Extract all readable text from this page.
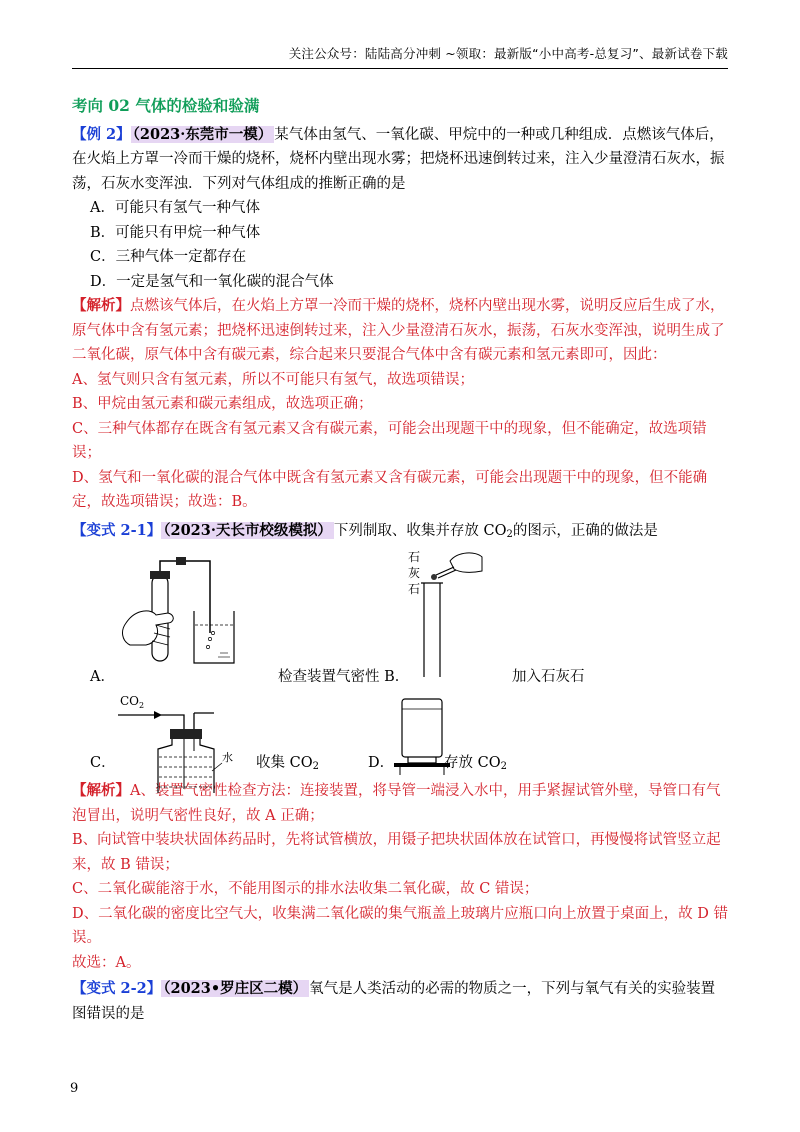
关注公众号：陆陆高分冲刺 ~领取：最新版“小中高考-总复习”、最新试卷下载
考向 02 气体的检验和验满

【例 2】 （2023·东莞市一模） 某气体由氢气、一氧化碳、甲烷中的一种或几种组成．点燃该气体后，在火焰上方罩一冷而干燥的烧杯，烧杯内壁出现水雾；把烧杯迅速倒转过来，注入少量澄清石灰水，振荡，石灰水变浑浊．下列对气体组成的推断正确的是

A．可能只有氢气一种气体

B．可能只有甲烷一种气体

C．三种气体一定都存在

D．一定是氢气和一氧化碳的混合气体

【解析】点燃该气体后，在火焰上方罩一冷而干燥的烧杯，烧杯内壁出现水雾，说明反应后生成了水，原气体中含有氢元素；把烧杯迅速倒转过来，注入少量澄清石灰水，振荡，石灰水变浑浊，说明生成了二氧化碳，原气体中含有碳元素，综合起来只要混合气体中含有碳元素和氢元素即可，因此：

A、氢气则只含有氢元素，所以不可能只有氢气，故选项错误；

B、甲烷由氢元素和碳元素组成，故选项正确；

C、三种气体都存在既含有氢元素又含有碳元素，可能会出现题干中的现象，但不能确定，故选项错误；

D、氢气和一氧化碳的混合气体中既含有氢元素又含有碳元素，可能会出现题干中的现象，但不能确定，故选项错误；故选：B。

【变式 2-1】 （2023·天长市校级模拟） 下列制取、收集并存放 $CO_2$的图示，正确的做法是

A．	检查装置气密性 B．
石
灰
石
加入石灰石
$CO_2$
水
C．	收集 $CO_2$	D．	存放 $CO_2$

【解析】A、装置气密性检查方法：连接装置，将导管一端浸入水中，用手紧握试管外壁，导管口有气泡冒出，说明气密性良好，故 A 正确；

B、向试管中装块状固体药品时，先将试管横放，用镊子把块状固体放在试管口，再慢慢将试管竖立起来，故 B 错误；

C、二氧化碳能溶于水，不能用图示的排水法收集二氧化碳，故 C 错误；

D、二氧化碳的密度比空气大，收集满二氧化碳的集气瓶盖上玻璃片应瓶口向上放置于桌面上，故 D 错误。

故选：A。

【变式 2-2】 （2023•罗庄区二模） 氧气是人类活动的必需的物质之一，下列与氧气有关的实验装置图错误的是

9
